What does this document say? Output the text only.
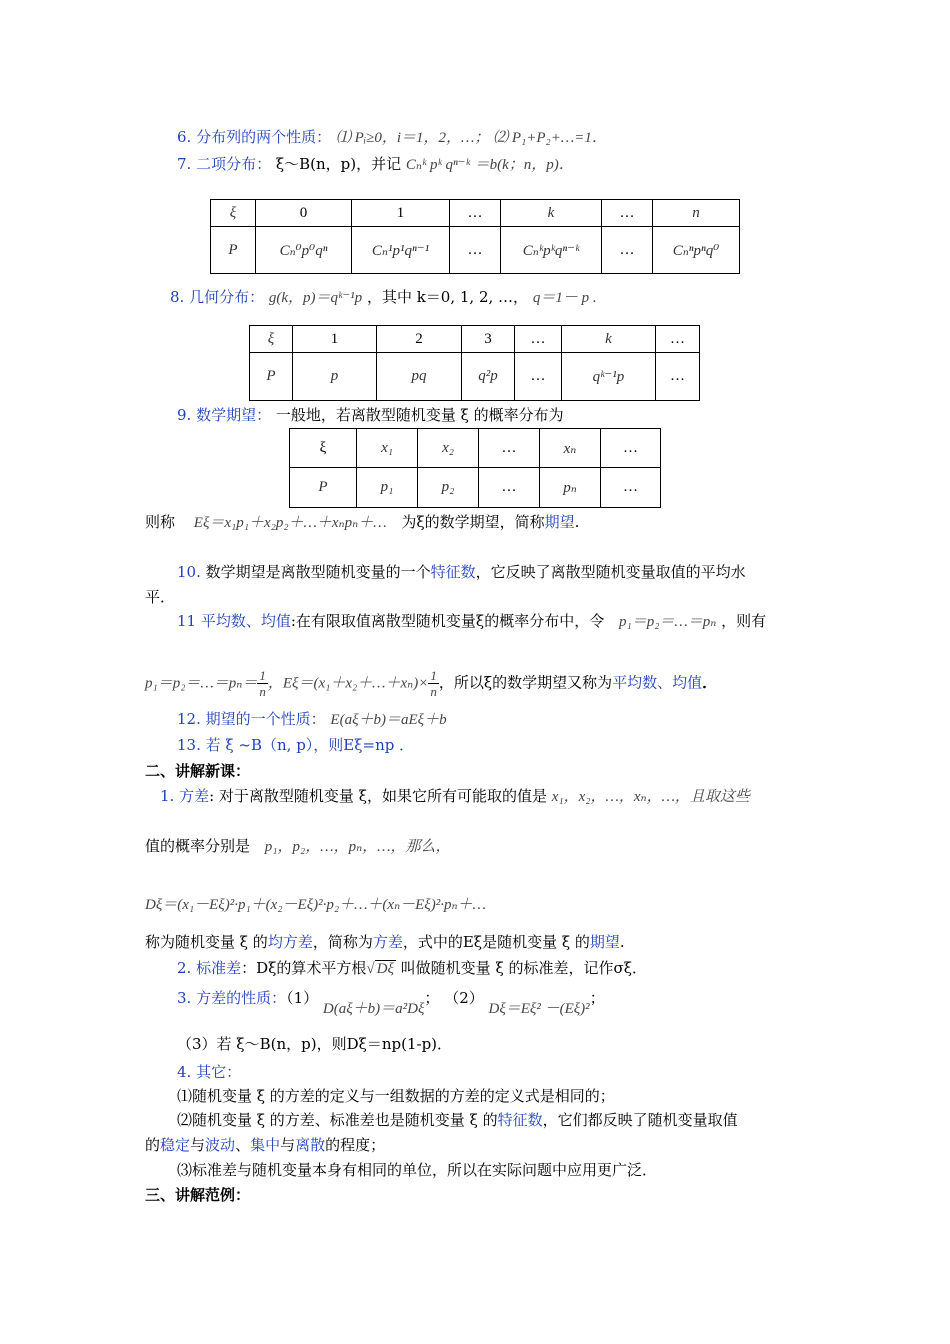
6. 分布列的两个性质： ⑴ Pᵢ≥0，i＝1，2，…； ⑵ P₁+P₂+…=1．
7. 二项分布： ξ～B(n，p)，并记 Cₙᵏ pᵏ qⁿ⁻ᵏ ＝b(k；n，p)．
ξ	0	1	…	k	…	n
P	Cₙ⁰p⁰qⁿ	Cₙ¹p¹qⁿ⁻¹	…	Cₙᵏpᵏqⁿ⁻ᵏ	…	Cₙⁿpⁿq⁰
8. 几何分布： g(k，p)＝qᵏ⁻¹p ，其中 k＝0, 1, 2, …， q＝1－ p .
ξ	1	2	3	…	k	…
P	p	pq	q²p	…	qᵏ⁻¹p	…
9. 数学期望： 一般地，若离散型随机变量 ξ 的概率分布为
ξ	x₁	x₂	…	xₙ	…
P	p₁	p₂	…	pₙ	…
则称 Eξ＝x₁p₁＋x₂p₂＋…＋xₙpₙ＋… 为ξ的数学期望，简称期望.
10. 数学期望是离散型随机变量的一个特征数，它反映了离散型随机变量取值的平均水
平．
11 平均数、均值:在有限取值离散型随机变量ξ的概率分布中，令 p₁＝p₂＝…＝pₙ ，则有
p₁＝p₂＝…＝pₙ＝ $\frac{1}{n}$ ，Eξ＝(x₁＋x₂＋…＋xₙ)× $\frac{1}{n}$ ，所以ξ的数学期望又称为平均数、均值．
12. 期望的一个性质： E(aξ＋b)＝aEξ＋b
13. 若 ξ ~B（n, p），则Eξ=np ．
二、讲解新课：
1. 方差: 对于离散型随机变量 ξ，如果它所有可能取的值是 x₁，x₂，…，xₙ，…，且取这些
值的概率分别是 p₁，p₂，…，pₙ，…，那么，
Dξ＝(x₁－Eξ)²·p₁＋(x₂－Eξ)²·p₂＋…＋(xₙ－Eξ)²·pₙ＋…
称为随机变量 ξ 的均方差，简称为方差，式中的Eξ是随机变量 ξ 的期望.
2. 标准差：Dξ的算术平方根√ Dξ 叫做随机变量 ξ 的标准差，记作σξ．
3. 方差的性质：（1） D(aξ＋b)＝a²Dξ； （2） Dξ＝Eξ² －(Eξ)²；
（3）若 ξ～B(n，p)，则Dξ＝np(1-p)．
4. 其它：
⑴随机变量 ξ 的方差的定义与一组数据的方差的定义式是相同的；
⑵随机变量 ξ 的方差、标准差也是随机变量 ξ 的特征数，它们都反映了随机变量取值
的稳定与波动、集中与离散的程度；
⑶标准差与随机变量本身有相同的单位，所以在实际问题中应用更广泛．
三、讲解范例：
